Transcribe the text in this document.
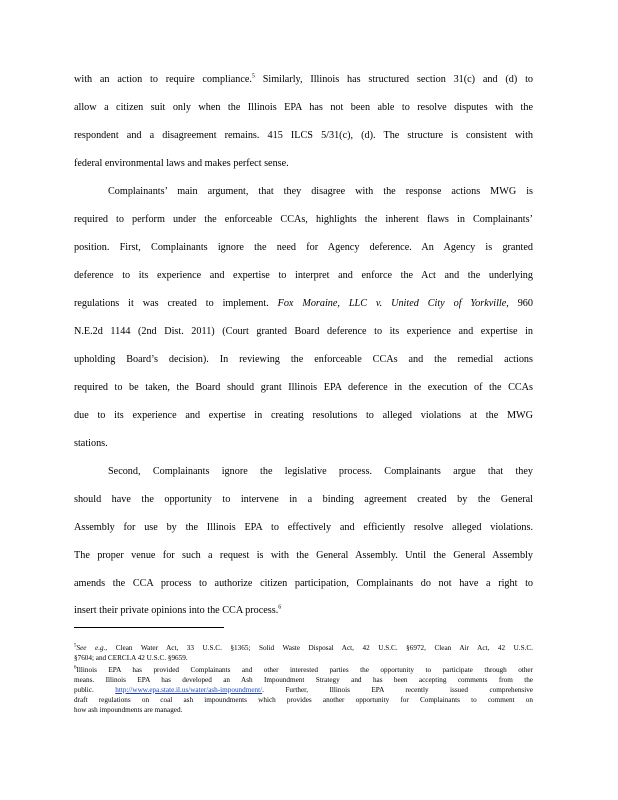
with an action to require compliance.$^5$ Similarly, Illinois has structured section 31(c) and (d) to
allow a citizen suit only when the Illinois EPA has not been able to resolve disputes with the
respondent and a disagreement remains. 415 ILCS 5/31(c), (d). The structure is consistent with
federal environmental laws and makes perfect sense.
Complainants’ main argument, that they disagree with the response actions MWG is
required to perform under the enforceable CCAs, highlights the inherent flaws in Complainants’
position. First, Complainants ignore the need for Agency deference. An Agency is granted
deference to its experience and expertise to interpret and enforce the Act and the underlying
regulations it was created to implement. Fox Moraine, LLC v. United City of Yorkville, 960
N.E.2d 1144 (2nd Dist. 2011) (Court granted Board deference to its experience and expertise in
upholding Board’s decision). In reviewing the enforceable CCAs and the remedial actions
required to be taken, the Board should grant Illinois EPA deference in the execution of the CCAs
due to its experience and expertise in creating resolutions to alleged violations at the MWG
stations.
Second, Complainants ignore the legislative process. Complainants argue that they
should have the opportunity to intervene in a binding agreement created by the General
Assembly for use by the Illinois EPA to effectively and efficiently resolve alleged violations.
The proper venue for such a request is with the General Assembly. Until the General Assembly
amends the CCA process to authorize citizen participation, Complainants do not have a right to
insert their private opinions into the CCA process.$^6$
$^5$See e.g., Clean Water Act, 33 U.S.C. §1365; Solid Waste Disposal Act, 42 U.S.C. §6972, Clean Air Act, 42 U.S.C.
§7604; and CERCLA 42 U.S.C. §9659.
$^6$Illinois EPA has provided Complainants and other interested parties the opportunity to participate through other
means. Illinois EPA has developed an Ash Impoundment Strategy and has been accepting comments from the
public.	http://www.epa.state.il.us/water/ash-impoundment/. Further, Illinois EPA recently issued comprehensive
draft regulations on coal ash impoundments which provides another opportunity for Complainants to comment on
how ash impoundments are managed.
